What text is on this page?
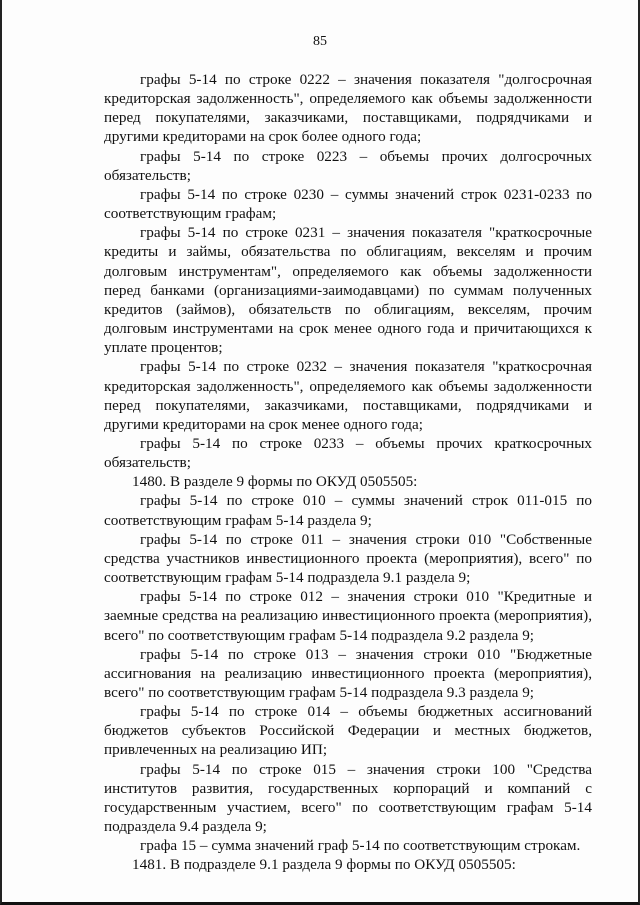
85

графы 5-14 по строке 0222 – значения показателя "долгосрочная кредиторская задолженность", определяемого как объемы задолженности перед покупателями, заказчиками, поставщиками, подрядчиками и другими кредиторами на срок более одного года;

графы 5-14 по строке 0223 – объемы прочих долгосрочных обязательств;

графы 5-14 по строке 0230 – суммы значений строк 0231-0233 по соответствующим графам;

графы 5-14 по строке 0231 – значения показателя "краткосрочные кредиты и займы, обязательства по облигациям, векселям и прочим долговым инструментам", определяемого как объемы задолженности перед банками (организациями-заимодавцами) по суммам полученных кредитов (займов), обязательств по облигациям, векселям, прочим долговым инструментами на срок менее одного года и причитающихся к уплате процентов;

графы 5-14 по строке 0232 – значения показателя "краткосрочная кредиторская задолженность", определяемого как объемы задолженности перед покупателями, заказчиками, поставщиками, подрядчиками и другими кредиторами на срок менее одного года;

графы 5-14 по строке 0233 – объемы прочих краткосрочных обязательств;

1480. В разделе 9 формы по ОКУД 0505505:

графы 5-14 по строке 010 – суммы значений строк 011-015 по соответствующим графам 5-14 раздела 9;

графы 5-14 по строке 011 – значения строки 010 "Собственные средства участников инвестиционного проекта (мероприятия), всего" по соответствующим графам 5-14 подраздела 9.1 раздела 9;

графы 5-14 по строке 012 – значения строки 010 "Кредитные и заемные средства на реализацию инвестиционного проекта (мероприятия), всего" по соответствующим графам 5-14 подраздела 9.2 раздела 9;

графы 5-14 по строке 013 – значения строки 010 "Бюджетные ассигнования на реализацию инвестиционного проекта (мероприятия), всего" по соответствующим графам 5-14 подраздела 9.3 раздела 9;

графы 5-14 по строке 014 – объемы бюджетных ассигнований бюджетов субъектов Российской Федерации и местных бюджетов, привлеченных на реализацию ИП;

графы 5-14 по строке 015 – значения строки 100 "Средства институтов развития, государственных корпораций и компаний с государственным участием, всего" по соответствующим графам 5-14 подраздела 9.4 раздела 9;

графа 15 – сумма значений граф 5-14 по соответствующим строкам.

1481. В подразделе 9.1 раздела 9 формы по ОКУД 0505505:
